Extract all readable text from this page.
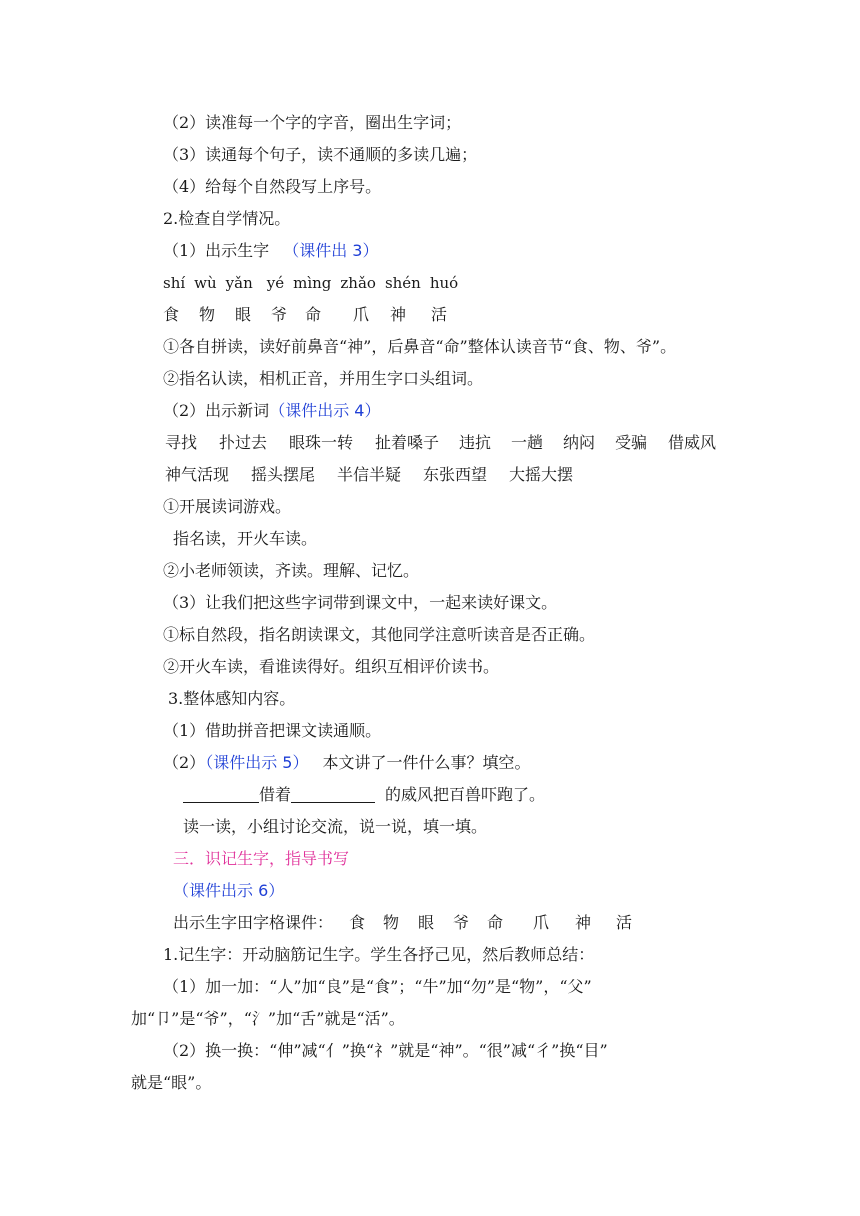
（2）读准每一个字的字音，圈出生字词；
（3）读通每个句子，读不通顺的多读几遍；
（4）给每个自然段写上序号。
2.检查自学情况。
（1）出示生字 （课件出 3）
shí wù yǎn yé mìng zhǎo shén huó
食 物 眼 爷 命 爪 神 活
①各自拼读，读好前鼻音“神”，后鼻音“命”整体认读音节“食、物、爷”。
②指名认读，相机正音，并用生字口头组词。
（2）出示新词（课件出示 4）
寻找 扑过去 眼珠一转 扯着嗓子 违抗 一趟 纳闷 受骗 借威风
神气活现 摇头摆尾 半信半疑 东张西望 大摇大摆
①开展读词游戏。
指名读，开火车读。
②小老师领读，齐读。理解、记忆。
（3）让我们把这些字词带到课文中，一起来读好课文。
①标自然段，指名朗读课文，其他同学注意听读音是否正确。
②开火车读，看谁读得好。组织互相评价读书。
3.整体感知内容。
（1）借助拼音把课文读通顺。
（2）（课件出示 5） 本文讲了一件什么事？填空。
借着	的威风把百兽吓跑了。
读一读，小组讨论交流，说一说，填一填。
三．识记生字，指导书写
（课件出示 6）
出示生字田字格课件： 食 物 眼 爷 命 爪 神 活
1.记生字：开动脑筋记生字。学生各抒己见，然后教师总结：
（1）加一加：“人”加“良”是“食”；“牛”加“勿”是“物”，“父”
加“卩”是“爷”，“氵”加“舌”就是“活”。
（2）换一换：“伸”减“亻”换“礻”就是“神”。“很”减“彳”换“目”
就是“眼”。
